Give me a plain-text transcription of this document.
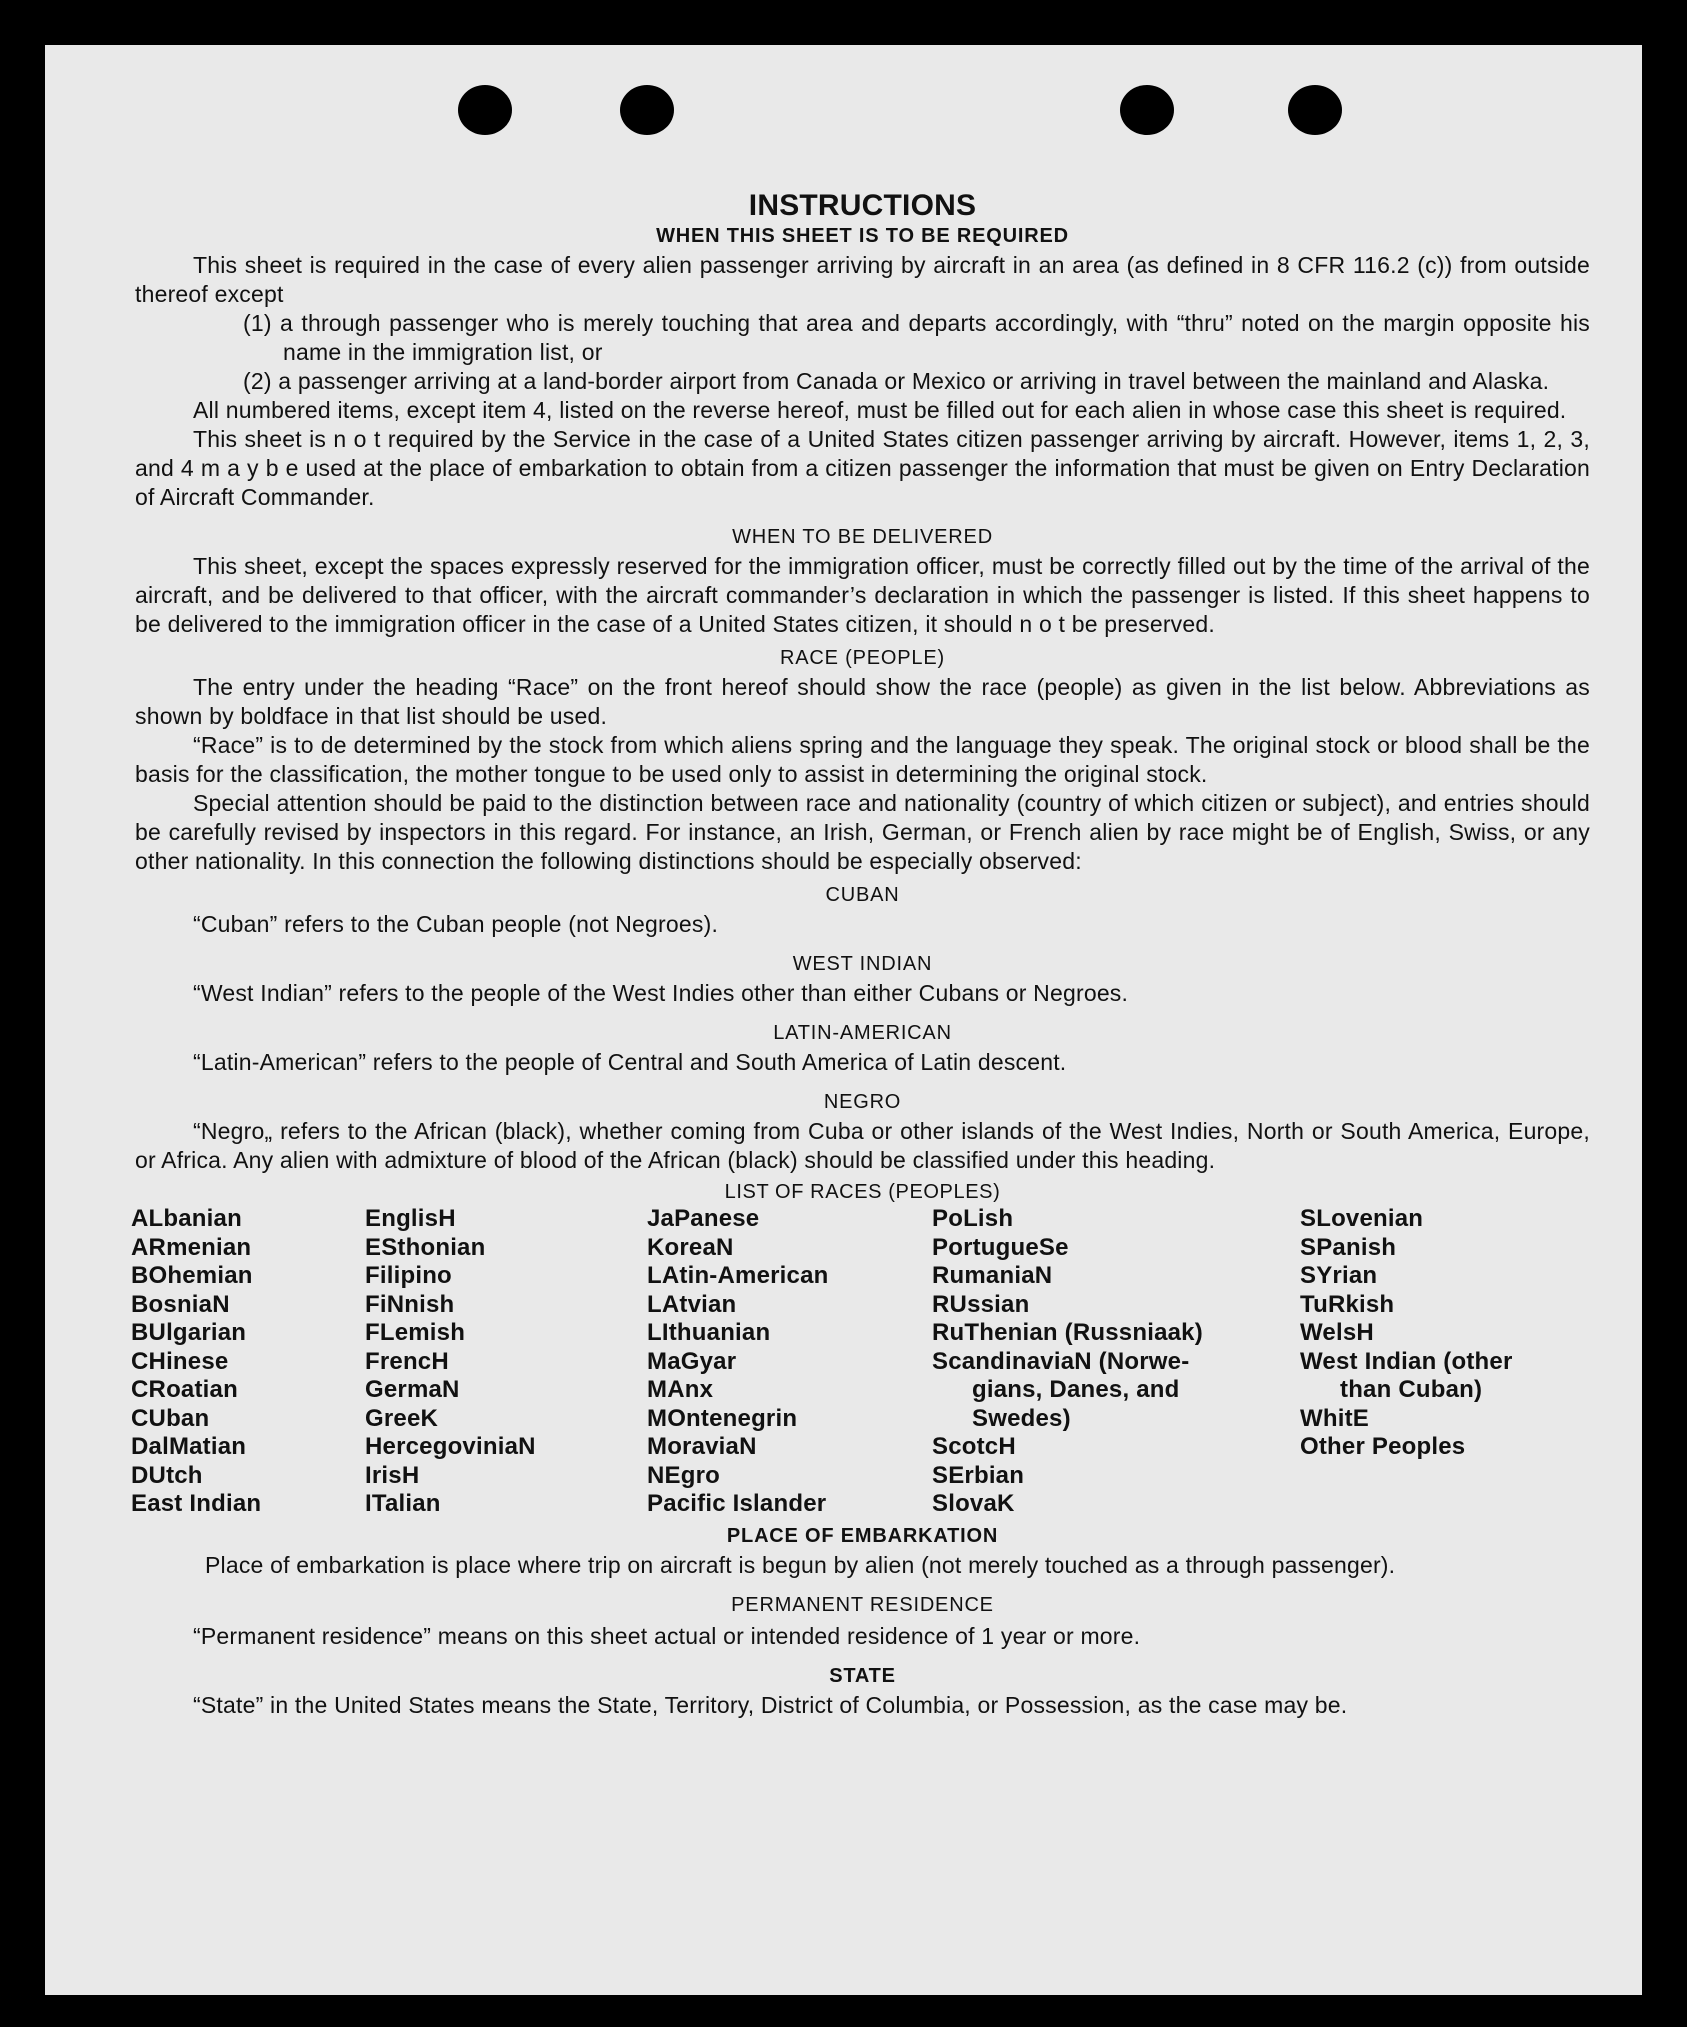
INSTRUCTIONS
WHEN THIS SHEET IS TO BE REQUIRED

This sheet is required in the case of every alien passenger arriving by aircraft in an area (as defined in 8 CFR 116.2 (c)) from outside thereof except

(1) a through passenger who is merely touching that area and departs accordingly, with “thru” noted on the margin opposite his name in the immigration list, or

(2) a passenger arriving at a land-border airport from Canada or Mexico or arriving in travel between the mainland and Alaska.

All numbered items, except item 4, listed on the reverse hereof, must be filled out for each alien in whose case this sheet is required.

This sheet is n o t required by the Service in the case of a United States citizen passenger arriving by aircraft. However, items 1, 2, 3, and 4 m a y b e used at the place of embarkation to obtain from a citizen passenger the information that must be given on Entry Declaration of Aircraft Commander.

WHEN TO BE DELIVERED

This sheet, except the spaces expressly reserved for the immigration officer, must be correctly filled out by the time of the arrival of the aircraft, and be delivered to that officer, with the aircraft commander’s declaration in which the passenger is listed. If this sheet happens to be delivered to the immigration officer in the case of a United States citizen, it should n o t be preserved.

RACE (PEOPLE)

The entry under the heading “Race” on the front hereof should show the race (people) as given in the list below. Abbreviations as shown by boldface in that list should be used.

“Race” is to de determined by the stock from which aliens spring and the language they speak. The original stock or blood shall be the basis for the classification, the mother tongue to be used only to assist in determining the original stock.

Special attention should be paid to the distinction between race and nationality (country of which citizen or subject), and entries should be carefully revised by inspectors in this regard. For instance, an Irish, German, or French alien by race might be of English, Swiss, or any other nationality. In this connection the following distinctions should be especially observed:

CUBAN

“Cuban” refers to the Cuban people (not Negroes).

WEST INDIAN

“West Indian” refers to the people of the West Indies other than either Cubans or Negroes.

LATIN-AMERICAN

“Latin-American” refers to the people of Central and South America of Latin descent.

NEGRO

“Negro„ refers to the African (black), whether coming from Cuba or other islands of the West Indies, North or South America, Europe, or Africa. Any alien with admixture of blood of the African (black) should be classified under this heading.

LIST OF RACES (PEOPLES)
ALbanian
ARmenian
BOhemian
BosniaN
BUlgarian
CHinese
CRoatian
CUban
DalMatian
DUtch
East Indian
EnglisH
ESthonian
Filipino
FiNnish
FLemish
FrencH
GermaN
GreeK
HercegoviniaN
IrisH
ITalian
JaPanese
KoreaN
LAtin-American
LAtvian
LIthuanian
MaGyar
MAnx
MOntenegrin
MoraviaN
NEgro
Pacific Islander
PoLish
PortugueSe
RumaniaN
RUssian
RuThenian (Russniaak)
ScandinaviaN (Norwe-
gians, Danes, and
Swedes)
ScotcH
SErbian
SlovaK
SLovenian
SPanish
SYrian
TuRkish
WelsH
West Indian (other
than Cuban)
WhitE
Other Peoples
PLACE OF EMBARKATION

Place of embarkation is place where trip on aircraft is begun by alien (not merely touched as a through passenger).

PERMANENT RESIDENCE

“Permanent residence” means on this sheet actual or intended residence of 1 year or more.

STATE

“State” in the United States means the State, Territory, District of Columbia, or Possession, as the case may be.
